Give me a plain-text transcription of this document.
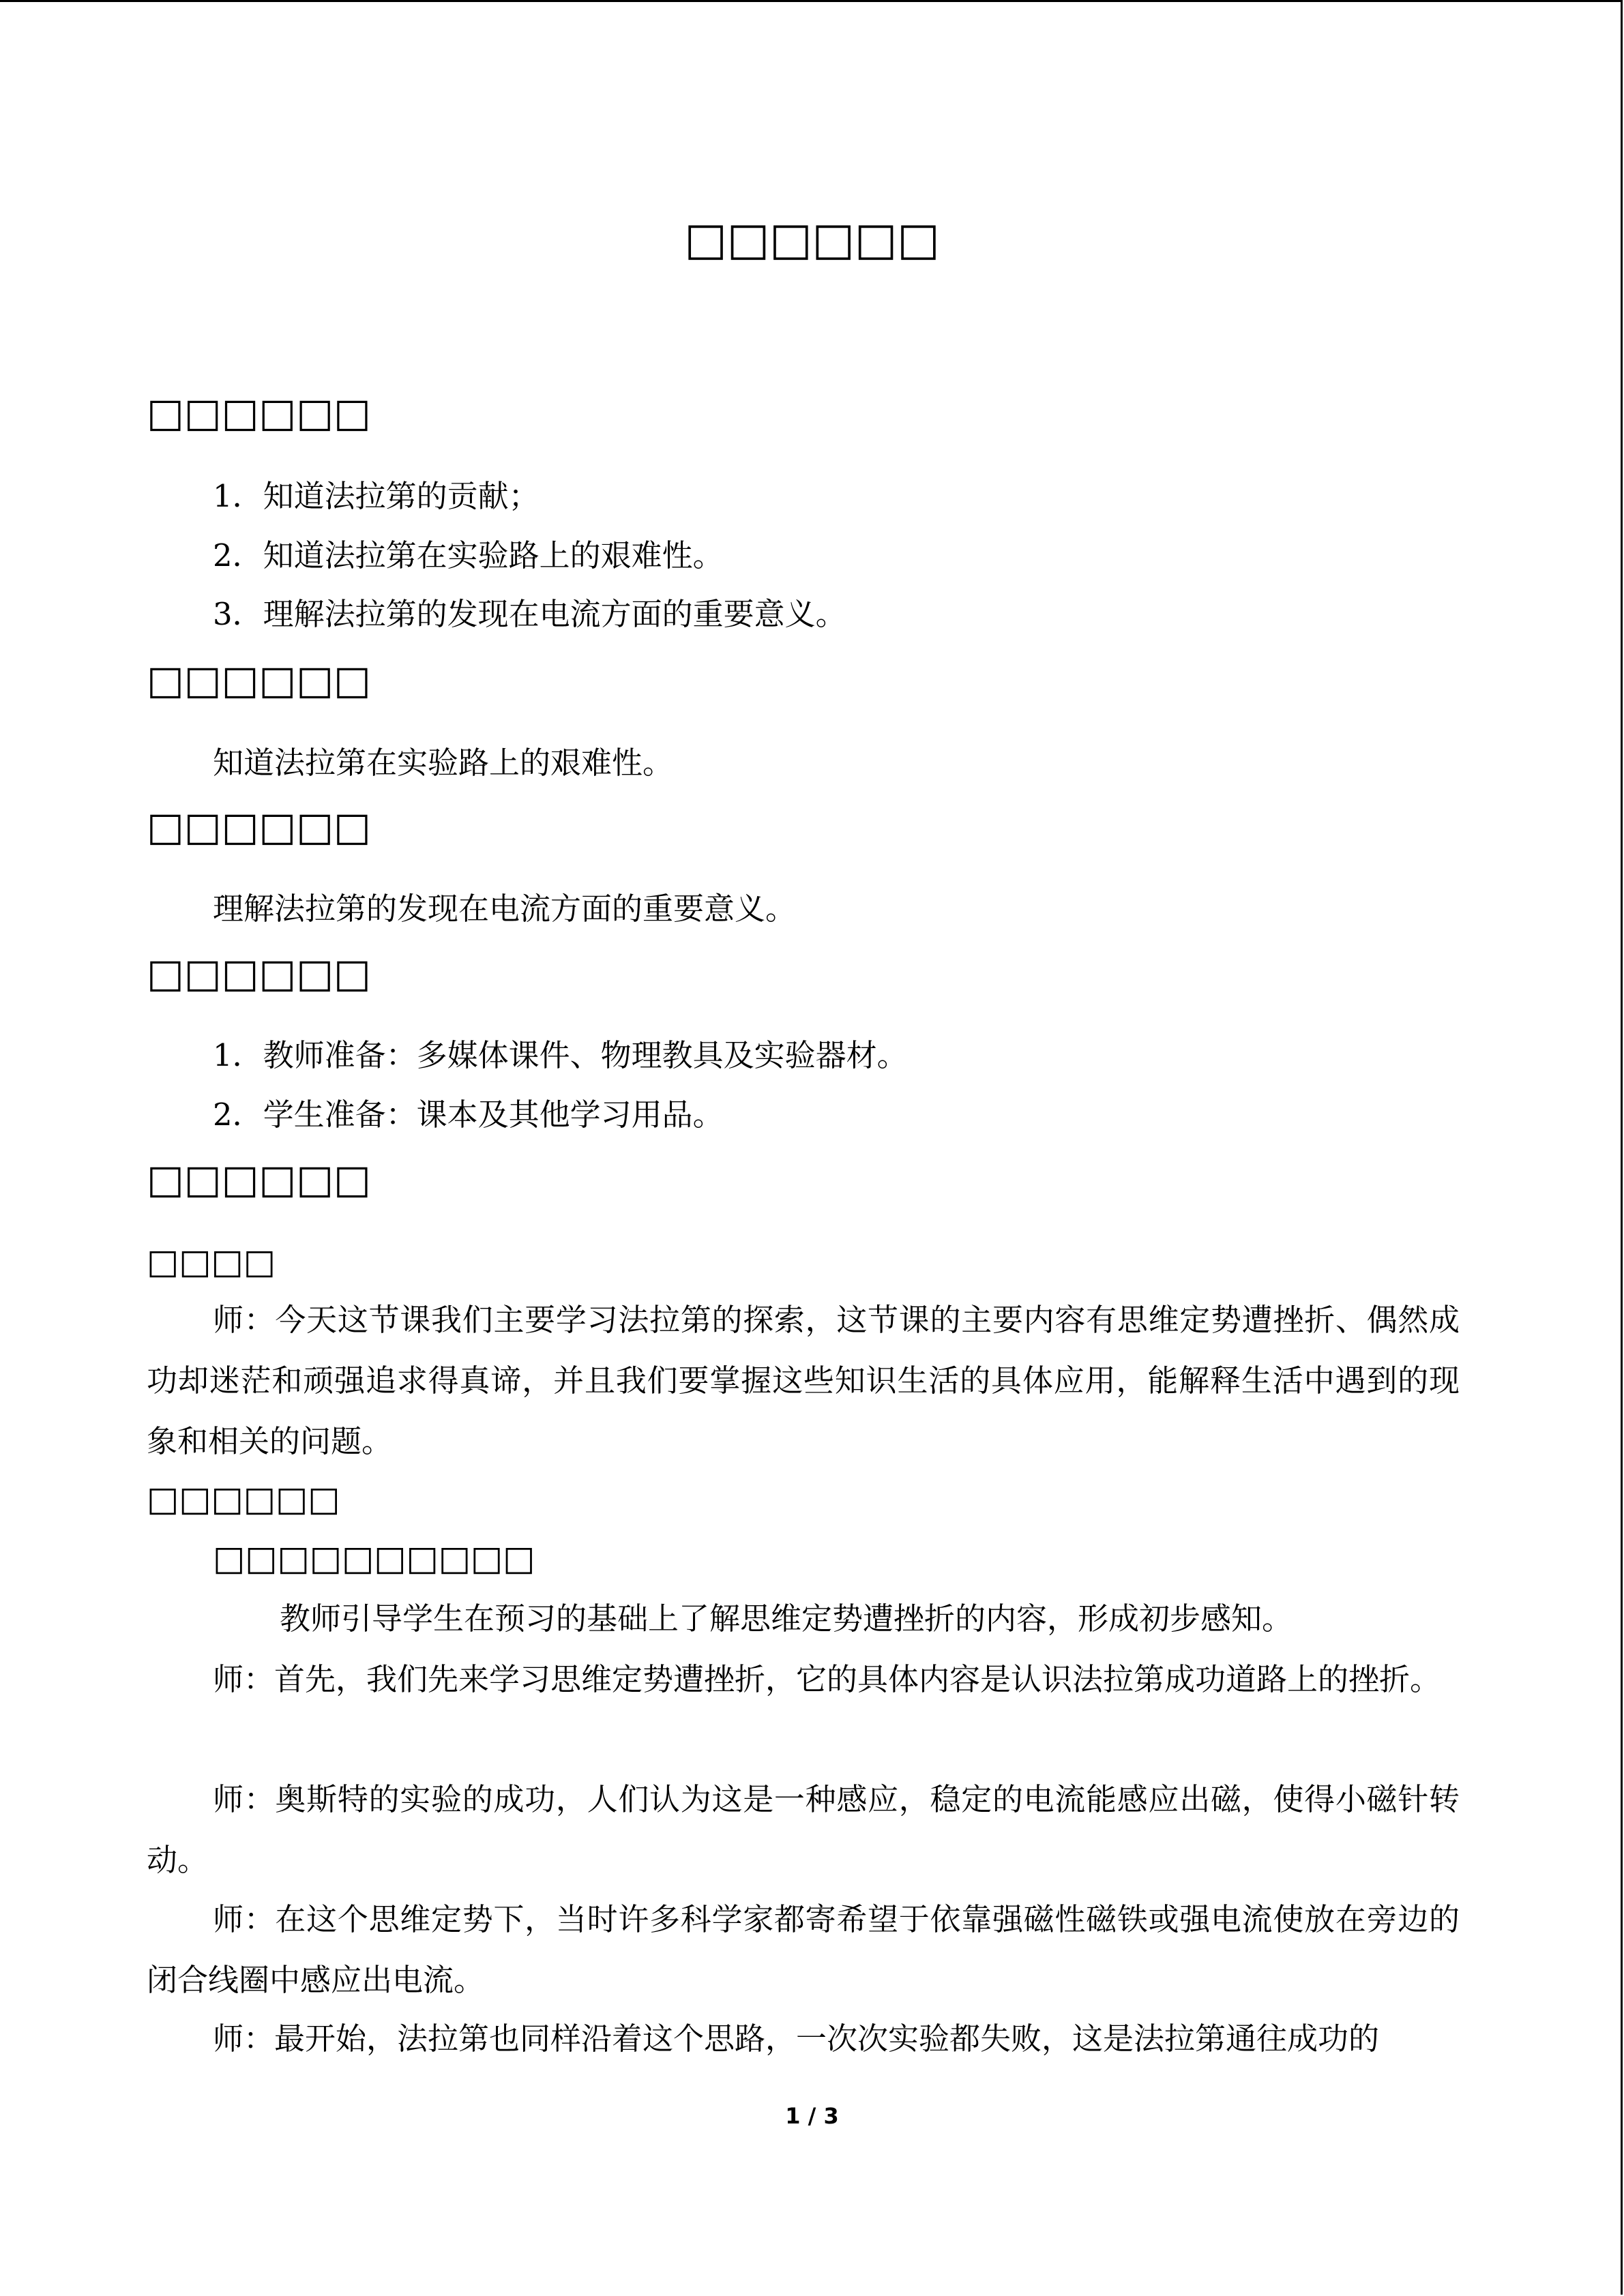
□□□□□□
□□□□□□
1．知道法拉第的贡献；
2．知道法拉第在实验路上的艰难性。
3．理解法拉第的发现在电流方面的重要意义。
□□□□□□
知道法拉第在实验路上的艰难性。
□□□□□□
理解法拉第的发现在电流方面的重要意义。
□□□□□□
1．教师准备：多媒体课件、物理教具及实验器材。
2．学生准备：课本及其他学习用品。
□□□□□□
□□□□
师：今天这节课我们主要学习法拉第的探索，这节课的主要内容有思维定势遭挫折、偶然成功却迷茫和顽强追求得真谛，并且我们要掌握这些知识生活的具体应用，能解释生活中遇到的现象和相关的问题。
□□□□□□
□□□□□□□□□□
教师引导学生在预习的基础上了解思维定势遭挫折的内容，形成初步感知。
师：首先，我们先来学习思维定势遭挫折，它的具体内容是认识法拉第成功道路上的挫折。
师：奥斯特的实验的成功，人们认为这是一种感应，稳定的电流能感应出磁，使得小磁针转动。
师：在这个思维定势下，当时许多科学家都寄希望于依靠强磁性磁铁或强电流使放在旁边的闭合线圈中感应出电流。
师：最开始，法拉第也同样沿着这个思路，一次次实验都失败，这是法拉第通往成功的
1 / 3
